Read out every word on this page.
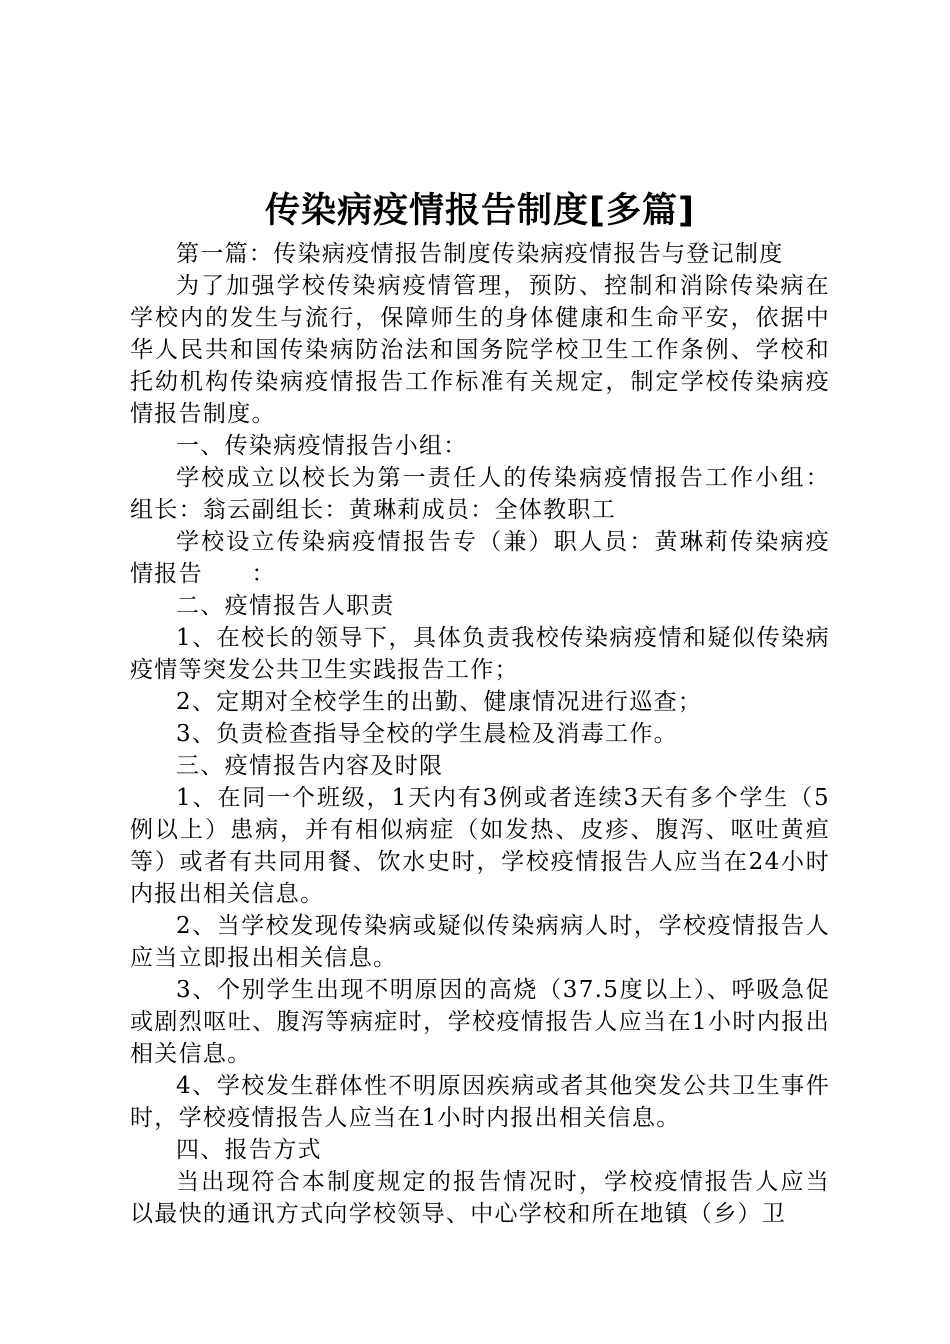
传染病疫情报告制度[多篇]

第一篇：传染病疫情报告制度传染病疫情报告与登记制度

为了加强学校传染病疫情管理，预防、控制和消除传染病在学校内的发生与流行，保障师生的身体健康和生命平安，依据中华人民共和国传染病防治法和国务院学校卫生工作条例、学校和托幼机构传染病疫情报告工作标准有关规定，制定学校传染病疫情报告制度。

一、传染病疫情报告小组：

学校成立以校长为第一责任人的传染病疫情报告工作小组：组长：翁云副组长：黄琳莉成员：全体教职工

学校设立传染病疫情报告专（兼）职人员：黄琳莉传染病疫情报告　　：

二、疫情报告人职责

1、在校长的领导下，具体负责我校传染病疫情和疑似传染病疫情等突发公共卫生实践报告工作；

2、定期对全校学生的出勤、健康情况进行巡查；

3、负责检查指导全校的学生晨检及消毒工作。

三、疫情报告内容及时限

1、在同一个班级，1天内有3例或者连续3天有多个学生（5例以上）患病，并有相似病症（如发热、皮疹、腹泻、呕吐黄疸等）或者有共同用餐、饮水史时，学校疫情报告人应当在24小时内报出相关信息。

2、当学校发现传染病或疑似传染病病人时，学校疫情报告人应当立即报出相关信息。

3、个别学生出现不明原因的高烧（37.5度以上）、呼吸急促或剧烈呕吐、腹泻等病症时，学校疫情报告人应当在1小时内报出相关信息。

4、学校发生群体性不明原因疾病或者其他突发公共卫生事件时，学校疫情报告人应当在1小时内报出相关信息。

四、报告方式

当出现符合本制度规定的报告情况时，学校疫情报告人应当以最快的通讯方式向学校领导、中心学校和所在地镇（乡）卫
